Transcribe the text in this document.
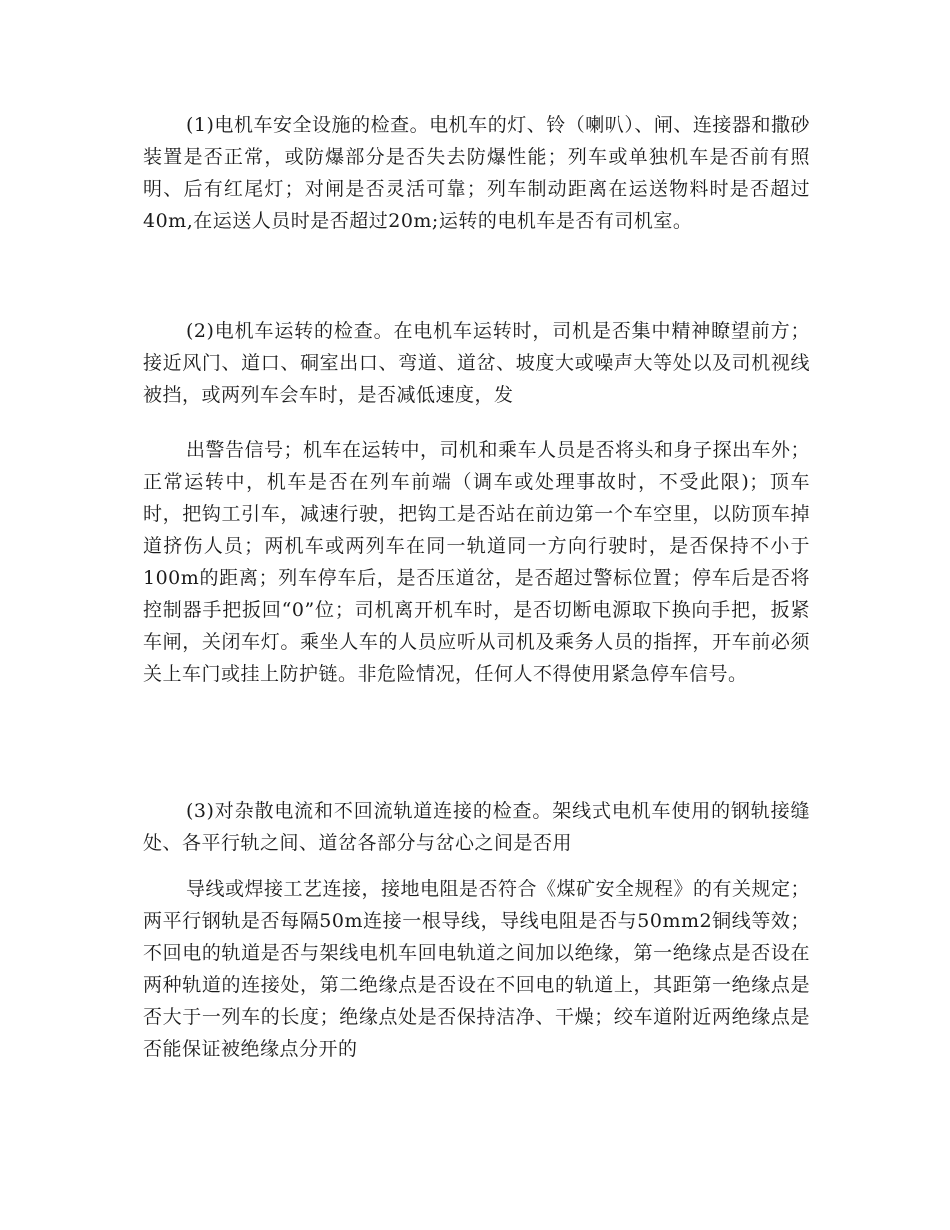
(1)电机车安全设施的检查。电机车的灯、铃（喇叭）、闸、连接器和撒砂装置是否正常，或防爆部分是否失去防爆性能；列车或单独机车是否前有照明、后有红尾灯；对闸是否灵活可靠；列车制动距离在运送物料时是否超过40m,在运送人员时是否超过20m;运转的电机车是否有司机室。

(2)电机车运转的检查。在电机车运转时，司机是否集中精神瞭望前方；接近风门、道口、硐室出口、弯道、道岔、坡度大或噪声大等处以及司机视线被挡，或两列车会车时，是否减低速度，发

出警告信号；机车在运转中，司机和乘车人员是否将头和身子探出车外；正常运转中，机车是否在列车前端（调车或处理事故时，不受此限)；顶车时，把钩工引车，减速行驶，把钩工是否站在前边第一个车空里，以防顶车掉道挤伤人员；两机车或两列车在同一轨道同一方向行驶时，是否保持不小于100m的距离；列车停车后，是否压道岔，是否超过警标位置；停车后是否将控制器手把扳回“0”位；司机离开机车时，是否切断电源取下换向手把，扳紧车闸，关闭车灯。乘坐人车的人员应听从司机及乘务人员的指挥，开车前必须关上车门或挂上防护链。非危险情况，任何人不得使用紧急停车信号。

(3)对杂散电流和不回流轨道连接的检查。架线式电机车使用的钢轨接缝处、各平行轨之间、道岔各部分与岔心之间是否用

导线或焊接工艺连接，接地电阻是否符合《煤矿安全规程》的有关规定；两平行钢轨是否每隔50m连接一根导线，导线电阻是否与50mm2铜线等效；不回电的轨道是否与架线电机车回电轨道之间加以绝缘，第一绝缘点是否设在两种轨道的连接处，第二绝缘点是否设在不回电的轨道上，其距第一绝缘点是否大于一列车的长度；绝缘点处是否保持洁净、干燥；绞车道附近两绝缘点是否能保证被绝缘点分开的
